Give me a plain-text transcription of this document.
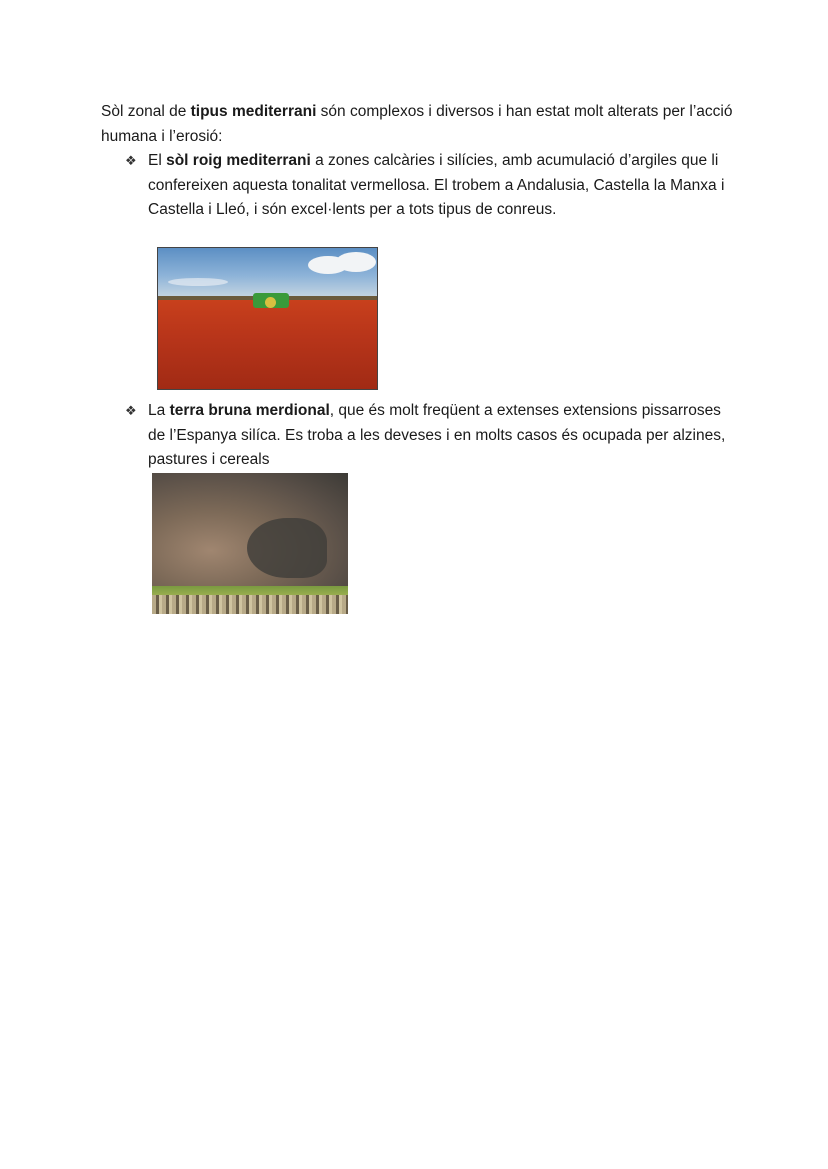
Sòl zonal de tipus mediterrani són complexos i diversos i han estat molt alterats per l’acció humana i l’erosió:
❖ El sòl roig mediterrani a zones calcàries i silícies, amb acumulació d’argiles que li confereixen aquesta tonalitat vermellosa. El trobem a Andalusia, Castella la Manxa i Castella i Lleó, i són excel·lents per a tots tipus de conreus.
❖ La terra bruna merdional, que és molt freqüent a extenses extensions pissarroses de l’Espanya silíca. Es troba a les deveses i en molts casos és ocupada per alzines, pastures i cereals
